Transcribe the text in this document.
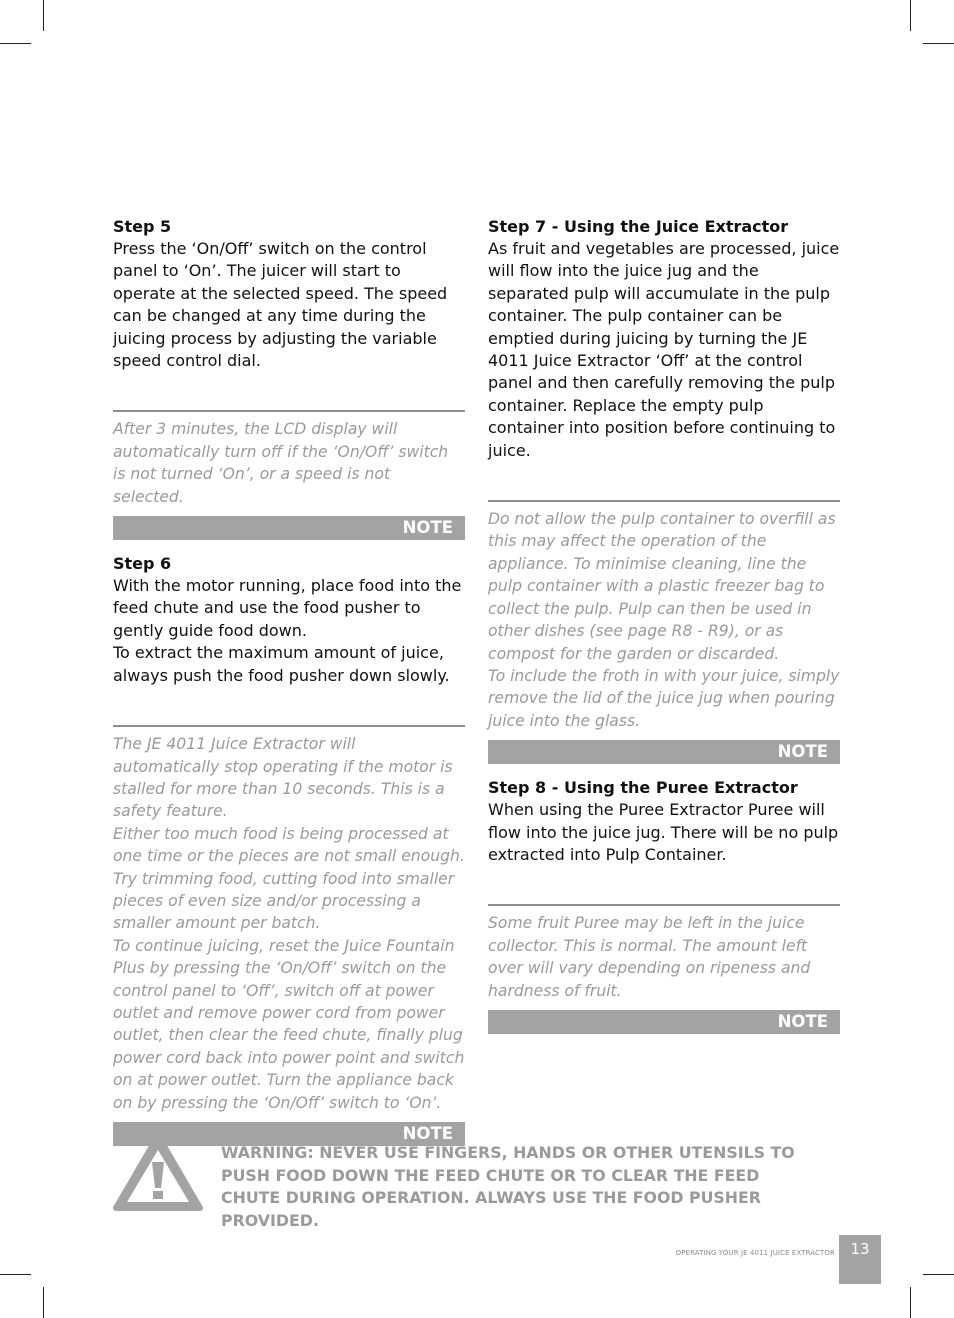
Step 5
Press the ‘On/Off’ switch on the control panel to ‘On’. The juicer will start to operate at the selected speed. The speed can be changed at any time during the juicing process by adjusting the variable speed control dial.

After 3 minutes, the LCD display will automatically turn off if the ‘On/Off’ switch is not turned ‘On’, or a speed is not selected.

NOTE
Step 6

With the motor running, place food into the feed chute and use the food pusher to gently guide food down.

To extract the maximum amount of juice, always push the food pusher down slowly.

The JE 4011 Juice Extractor will automatically stop operating if the motor is stalled for more than 10 seconds. This is a safety feature.

Either too much food is being processed at one time or the pieces are not small enough. Try trimming food, cutting food into smaller pieces of even size and/or processing a smaller amount per batch.

To continue juicing, reset the Juice Fountain Plus by pressing the ‘On/Off’ switch on the control panel to ‘Off’, switch off at power outlet and remove power cord from power outlet, then clear the feed chute, finally plug power cord back into power point and switch on at power outlet. Turn the appliance back on by pressing the ‘On/Off’ switch to ‘On’.

NOTE
Step 7 - Using the Juice Extractor
As fruit and vegetables are processed, juice will flow into the juice jug and the separated pulp will accumulate in the pulp container. The pulp container can be emptied during juicing by turning the JE 4011 Juice Extractor ‘Off’ at the control panel and then carefully removing the pulp container. Replace the empty pulp container into position before continuing to juice.

Do not allow the pulp container to overfill as this may affect the operation of the appliance. To minimise cleaning, line the pulp container with a plastic freezer bag to collect the pulp. Pulp can then be used in other dishes (see page R8 - R9), or as compost for the garden or discarded.

To include the froth in with your juice, simply remove the lid of the juice jug when pouring juice into the glass.

NOTE
Step 8 - Using the Puree Extractor
When using the Puree Extractor Puree will flow into the juice jug. There will be no pulp extracted into Pulp Container.

Some fruit Puree may be left in the juice collector. This is normal. The amount left over will vary depending on ripeness and hardness of fruit.

NOTE
WARNING: NEVER USE FINGERS, HANDS OR OTHER UTENSILS TO PUSH FOOD DOWN THE FEED CHUTE OR TO CLEAR THE FEED CHUTE DURING OPERATION. ALWAYS USE THE FOOD PUSHER PROVIDED.
OPERATING YOUR JE 4011 JUICE EXTRACTOR	13
